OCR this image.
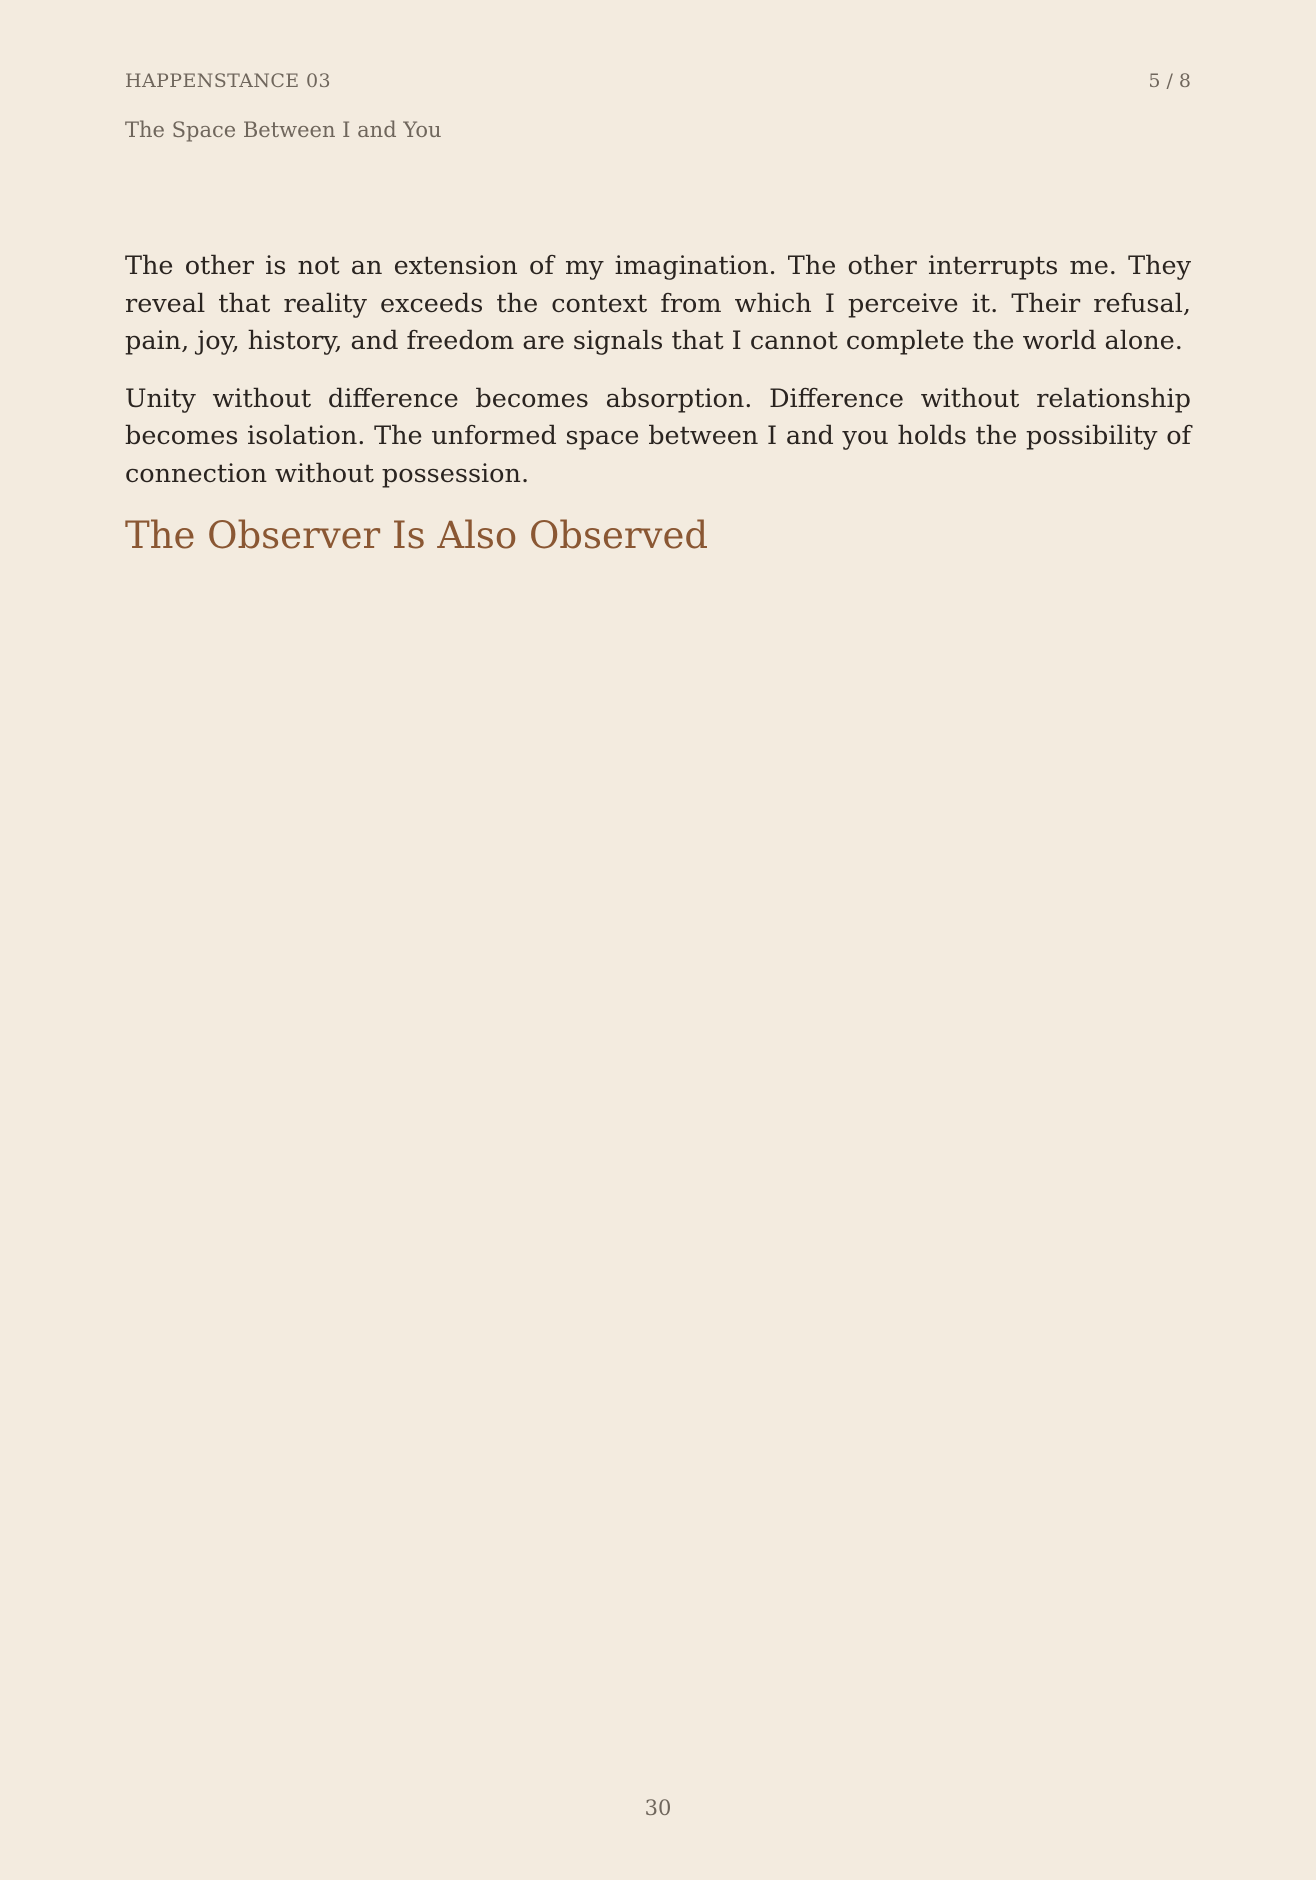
HAPPENSTANCE 03	5 / 8
The Space Between I and You

The other is not an extension of my imagination. The other interrupts me. They reveal that reality exceeds the context from which I perceive it. Their refusal, pain, joy, history, and freedom are signals that I cannot complete the world alone.

Unity without difference becomes absorption. Difference without relationship becomes isolation. The unformed space between I and you holds the possibility of connection without possession.

The Observer Is Also Observed
30
